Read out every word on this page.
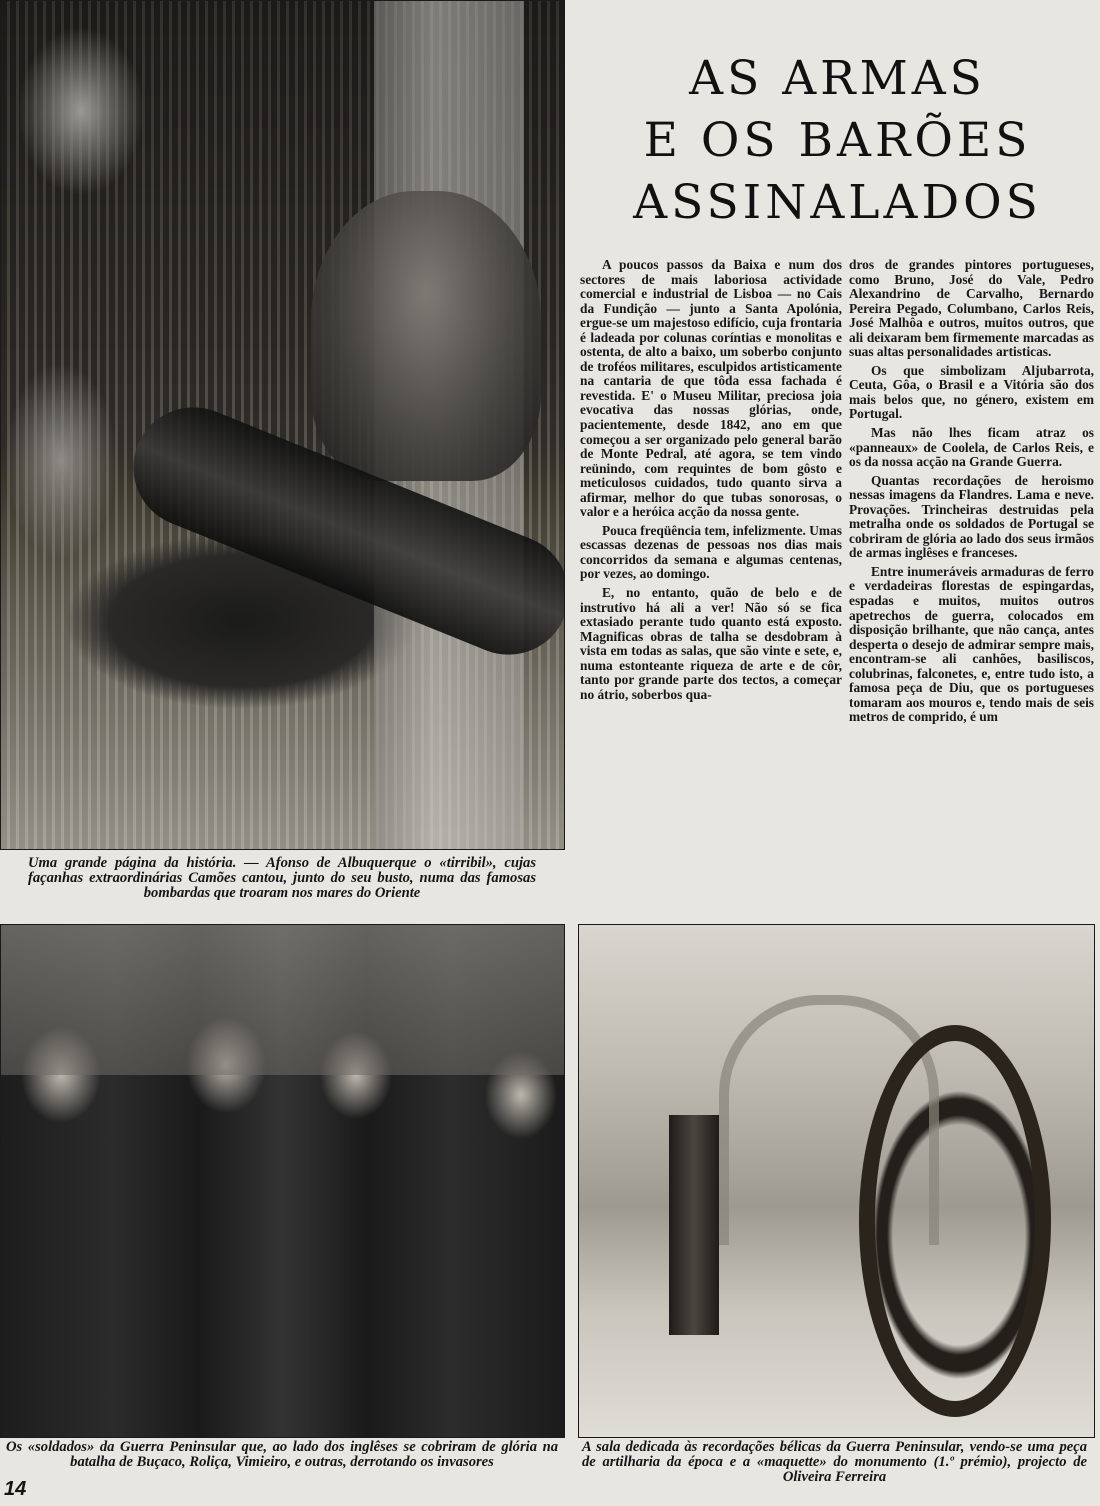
Uma grande página da história. — Afonso de Albuquerque o «tirribil», cujas façanhas extraordinárias Camões cantou, junto do seu busto, numa das famosas bombardas que troaram nos mares do Oriente

AS ARMAS
E OS BARÕES
ASSINALADOS

A poucos passos da Baixa e num dos sectores de mais laboriosa actividade comercial e industrial de Lisboa — no Cais da Fundição — junto a Santa Apolónia, ergue-se um majestoso edifício, cuja frontaria é ladeada por colunas coríntias e monolitas e ostenta, de alto a baixo, um soberbo conjunto de troféos militares, esculpidos artisticamente na cantaria de que tôda essa fachada é revestida. E' o Museu Militar, preciosa joia evocativa das nossas glórias, onde, pacientemente, desde 1842, ano em que começou a ser organizado pelo general barão de Monte Pedral, até agora, se tem vindo reünindo, com requintes de bom gôsto e meticulosos cuidados, tudo quanto sirva a afirmar, melhor do que tubas sonorosas, o valor e a heróica acção da nossa gente.

Pouca freqüência tem, infelizmente. Umas escassas dezenas de pessoas nos dias mais concorridos da semana e algumas centenas, por vezes, ao domingo.

E, no entanto, quão de belo e de instrutivo há ali a ver! Não só se fica extasiado perante tudo quanto está exposto. Magnificas obras de talha se desdobram à vista em todas as salas, que são vinte e sete, e, numa estonteante riqueza de arte e de côr, tanto por grande parte dos tectos, a começar no átrio, soberbos qua-

dros de grandes pintores portugueses, como Bruno, José do Vale, Pedro Alexandrino de Carvalho, Bernardo Pereira Pegado, Columbano, Carlos Reis, José Malhôa e outros, muitos outros, que ali deixaram bem firmemente marcadas as suas altas personalidades artisticas.

Os que simbolizam Aljubarrota, Ceuta, Gôa, o Brasil e a Vitória são dos mais belos que, no género, existem em Portugal.

Mas não lhes ficam atraz os «panneaux» de Coolela, de Carlos Reis, e os da nossa acção na Grande Guerra.

Quantas recordações de heroismo nessas imagens da Flandres. Lama e neve. Provações. Trincheiras destruidas pela metralha onde os soldados de Portugal se cobriram de glória ao lado dos seus irmãos de armas inglêses e franceses.

Entre inumeráveis armaduras de ferro e verdadeiras florestas de espingardas, espadas e muitos, muitos outros apetrechos de guerra, colocados em disposição brilhante, que não cança, antes desperta o desejo de admirar sempre mais, encontram-se ali canhões, basiliscos, colubrinas, falconetes, e, entre tudo isto, a famosa peça de Diu, que os portugueses tomaram aos mouros e, tendo mais de seis metros de comprido, é um

Os «soldados» da Guerra Peninsular que, ao lado dos inglêses se cobriram de glória na batalha de Buçaco, Roliça, Vimieiro, e outras, derrotando os invasores

A sala dedicada às recordações bélicas da Guerra Peninsular, vendo-se uma peça de artilharia da época e a «maquette» do monumento (1.º prémio), projecto de Oliveira Ferreira

14
